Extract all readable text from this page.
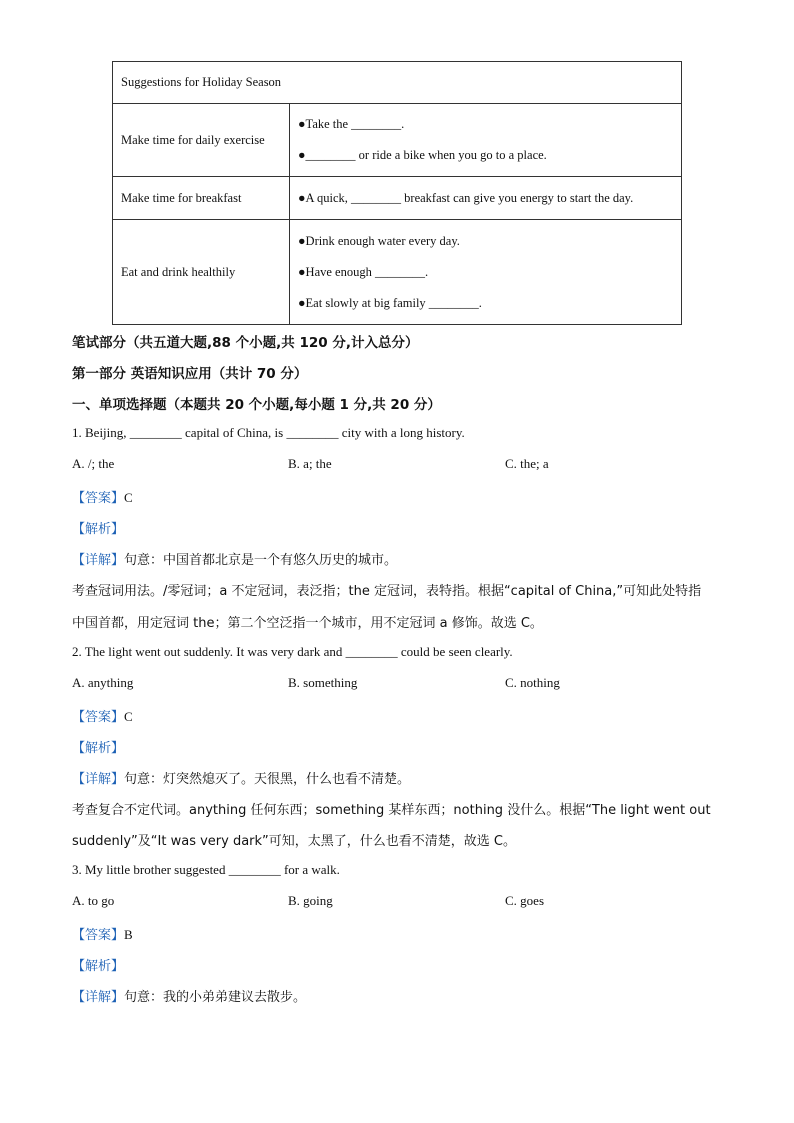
Suggestions for Holiday Season	
Make time for daily exercise	●Take the ________.
●________ or ride a bike when you go to a place.

Make time for breakfast	●A quick, ________ breakfast can give you energy to start the day.

Eat and drink healthily	●Drink enough water every day.
●Have enough ________.
●Eat slowly at big family ________.
笔试部分（共五道大题,88 个小题,共 120 分,计入总分）
第一部分 英语知识应用（共计 70 分）
一、单项选择题（本题共 20 个小题,每小题 1 分,共 20 分）
1. Beijing, ________ capital of China, is ________ city with a long history.
A. /; the	B. a; the	C. the; a
【答案】C
【解析】
【详解】句意：中国首都北京是一个有悠久历史的城市。
考查冠词用法。/零冠词；a 不定冠词，表泛指；the 定冠词，表特指。根据“capital of China,”可知此处特指
中国首都，用定冠词 the；第二个空泛指一个城市，用不定冠词 a 修饰。故选 C。
2. The light went out suddenly. It was very dark and ________ could be seen clearly.
A. anything	B. something	C. nothing
【答案】C
【解析】
【详解】句意：灯突然熄灭了。天很黑，什么也看不清楚。
考查复合不定代词。anything 任何东西；something 某样东西；nothing 没什么。根据“The light went out
suddenly”及“It was very dark”可知，太黑了，什么也看不清楚，故选 C。
3. My little brother suggested ________ for a walk.
A. to go	B. going	C. goes
【答案】B
【解析】
【详解】句意：我的小弟弟建议去散步。
